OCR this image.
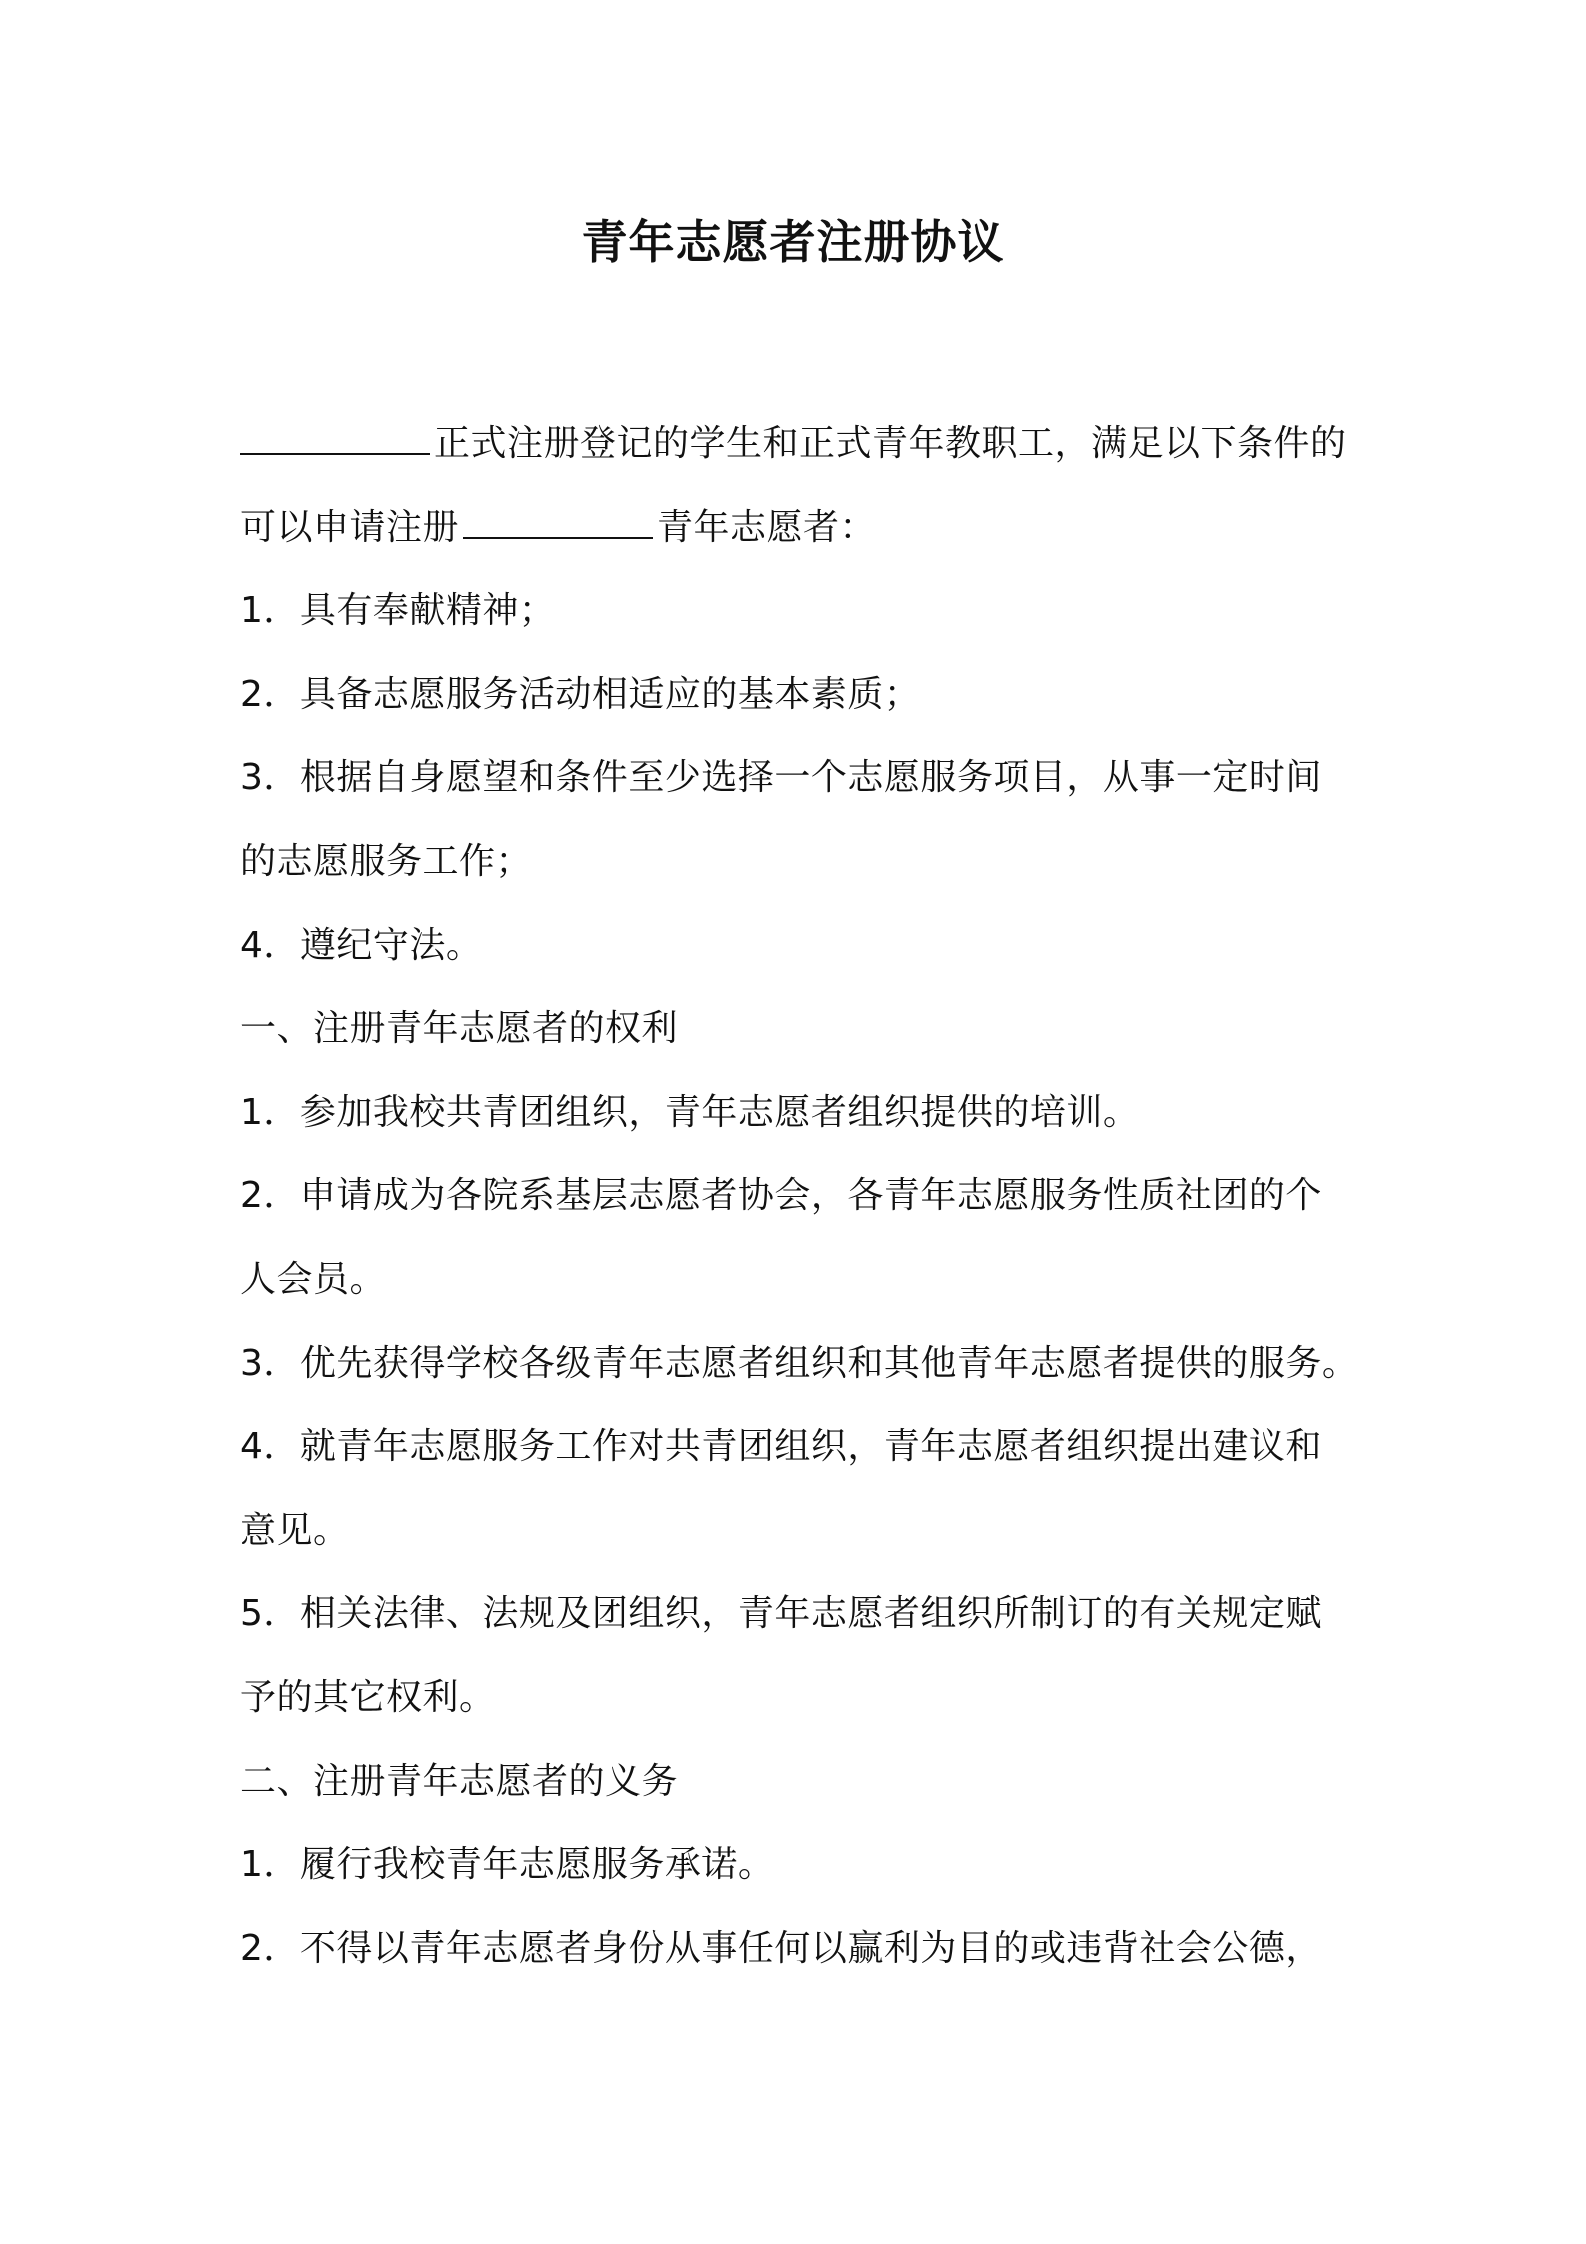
青年志愿者注册协议
正式注册登记的学生和正式青年教职工，满足以下条件的
可以申请注册	青年志愿者：
1．具有奉献精神；
2．具备志愿服务活动相适应的基本素质；
3．根据自身愿望和条件至少选择一个志愿服务项目，从事一定时间
的志愿服务工作；
4．遵纪守法。
一、注册青年志愿者的权利
1．参加我校共青团组织，青年志愿者组织提供的培训。
2．申请成为各院系基层志愿者协会，各青年志愿服务性质社团的个
人会员。
3．优先获得学校各级青年志愿者组织和其他青年志愿者提供的服务。
4．就青年志愿服务工作对共青团组织，青年志愿者组织提出建议和
意见。
5．相关法律、法规及团组织，青年志愿者组织所制订的有关规定赋
予的其它权利。
二、注册青年志愿者的义务
1．履行我校青年志愿服务承诺。
2．不得以青年志愿者身份从事任何以赢利为目的或违背社会公德，
